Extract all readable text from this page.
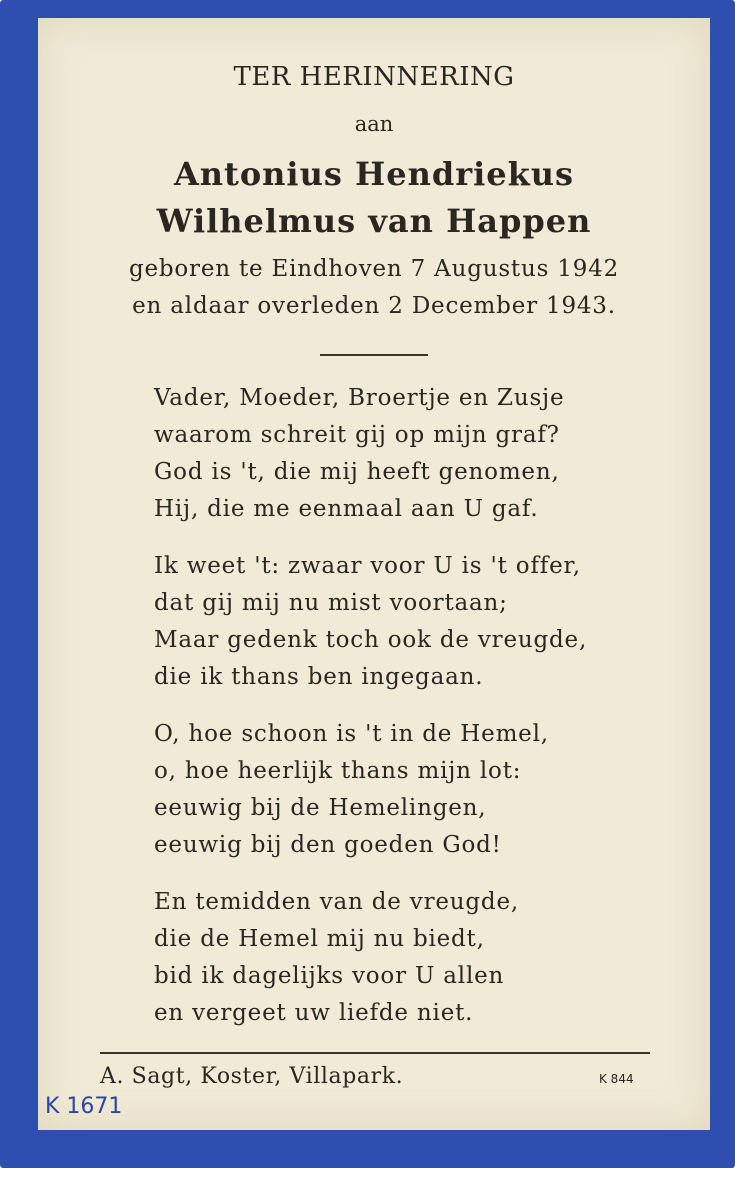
TER HERINNERING
aan
Antonius Hendriekus
Wilhelmus van Happen
geboren te Eindhoven 7 Augustus 1942
en aldaar overleden 2 December 1943.
Vader, Moeder, Broertje en Zusje
waarom schreit gij op mijn graf?
God is 't, die mij heeft genomen,
Hij, die me eenmaal aan U gaf.
Ik weet 't: zwaar voor U is 't offer,
dat gij mij nu mist voortaan;
Maar gedenk toch ook de vreugde,
die ik thans ben ingegaan.
O, hoe schoon is 't in de Hemel,
o, hoe heerlijk thans mijn lot:
eeuwig bij de Hemelingen,
eeuwig bij den goeden God!
En temidden van de vreugde,
die de Hemel mij nu biedt,
bid ik dagelijks voor U allen
en vergeet uw liefde niet.
A. Sagt, Koster, Villapark.	K 844
K 1671
